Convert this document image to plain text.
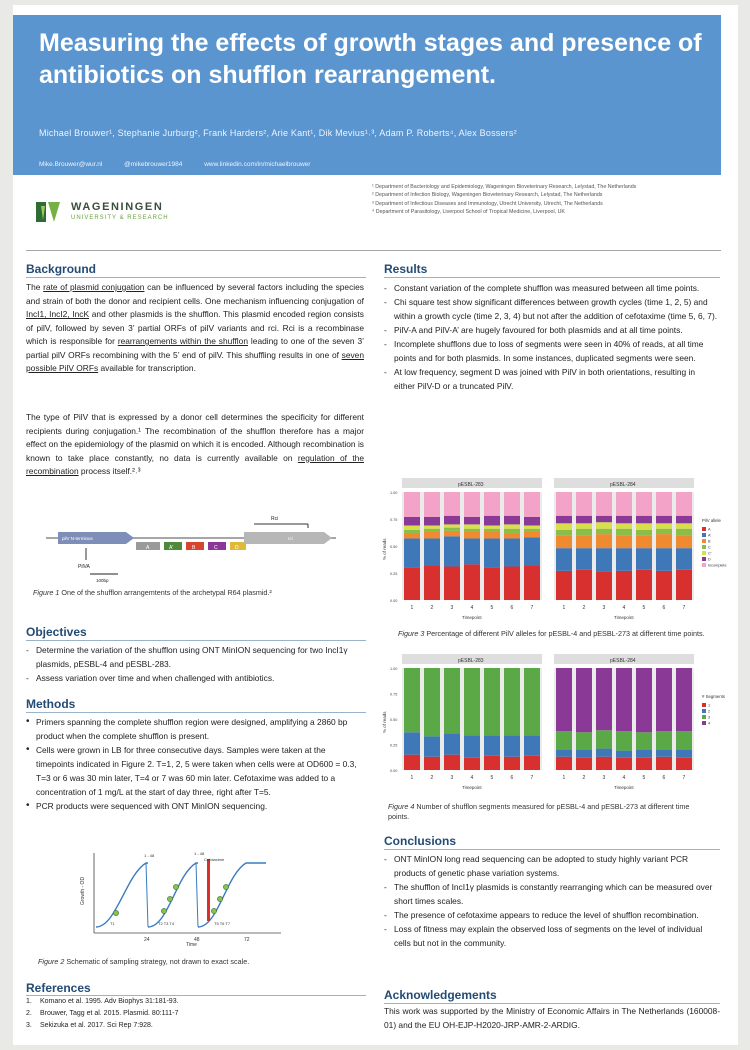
Measuring the effects of growth stages and presence of antibiotics on shufflon rearrangement.
Michael Brouwer¹, Stephanie Jurburg², Frank Harders², Arie Kant¹, Dik Mevius¹˒³, Adam P. Roberts⁴, Alex Bossers²
Mike.Brouwer@wur.nl	@mikebrouwer1984	www.linkedin.com/in/michaelbrouwer
WAGENINGEN
UNIVERSITY & RESEARCH
¹ Department of Bacteriology and Epidemiology, Wageningen Bioveterinary Research, Lelystad, The Netherlands
² Department of Infection Biology, Wageningen Bioveterinary Research, Lelystad, The Netherlands
³ Department of Infectious Diseases and Immunology, Utrecht University, Utrecht, The Netherlands
⁴ Department of Parasitology, Liverpool School of Tropical Medicine, Liverpool, UK
Background
The rate of plasmid conjugation can be influenced by several factors including the species and strain of both the donor and recipient cells. One mechanism influencing conjugation of IncI1, IncI2, IncK and other plasmids is the shufflon. This plasmid encoded region consists of pilV, followed by seven 3’ partial ORFs of pilV variants and rci. Rci is a recombinase which is responsible for rearrangements within the shufflon leading to one of the seven 3’ partial pilV ORFs recombining with the 5’ end of pilV. This shuffling results in one of seven possible PilV ORFs available for transcription.
The type of PilV that is expressed by a donor cell determines the specificity for different recipients during conjugation.¹ The recombination of the shufflon therefore has a major effect on the epidemiology of the plasmid on which it is encoded. Although recombination is known to take place constantly, no data is currently available on regulation of the recombination process itself.²˒³
pilV N-terminus
A	A'	B	C	D
rci
Rci
PilVA
100bp
Figure 1 One of the shufflon arrangemtents of the archetypal R64 plasmid.²
Objectives
- Determine the variation of the shufflon using ONT MinION sequencing for two IncI1γ plasmids, pESBL-4 and pESBL-283.
- Assess variation over time and when challenged with antibiotics.
Methods
• Primers spanning the complete shufflon region were designed, amplifying a 2860 bp product when the complete shufflon is present.
• Cells were grown in LB for three consecutive days. Samples were taken at the timepoints indicated in Figure 2. T=1, 2, 5 were taken when cells were at OD600 = 0.3, T=3 or 6 was 30 min later, T=4 or 7 was 60 min later. Cefotaxime was added to a concentration of 1 mg/L at the start of day three, right after T=5.
• PCR products were sequenced with ONT MinION sequencing.
Growth - OD
Time
24	48	72
T1	T2 T3 T4	T5 T6 T7
1 - 48	1 - 48
Cefotaxime
Figure 2 Schematic of sampling strategy, not drawn to exact scale.
References
1. Komano et al. 1995. Adv Biophys 31:181-93.
2. Brouwer, Tagg et al. 2015. Plasmid. 80:111-7
3. Sekizuka et al. 2017. Sci Rep 7:928.
Results
- Constant variation of the complete shufflon was measured between all time points.
- Chi square test show significant differences between growth cycles (time 1, 2, 5) and within a growth cycle (time 2, 3, 4) but not after the addition of cefotaxime (time 5, 6, 7).
- PilV-A and PilV-A’ are hugely favoured for both plasmids and at all time points.
- Incomplete shufflons due to loss of segments were seen in 40% of reads, at all time points and for both plasmids. In some instances, duplicated segments were seen.
- At low frequency, segment D was joined with PilV in both orientations, resulting in either PilV-D or a truncated PilV.
% of reads
pESBL-283
0.00
0.25
0.50
0.75
1.00
1	2	3	4	5	6	7
Timepoint
pESBL-284
1	2	3	4	5	6	7
Timepoint
PilV allele
A
A'
B
C
C'
D
Incomplete
Figure 3 Percentage of different PilV alleles for pESBL-4 and pESBL-273 at different time points.
% of reads
pESBL-283
0.00
0.25
0.50
0.75
1.00
1	2	3	4	5	6	7
Timepoint
pESBL-284
1	2	3	4	5	6	7
Timepoint
# Segments
1
2
3
4
Figure 4 Number of shufflon segments measured for pESBL-4 and pESBL-273 at different time points.
Conclusions
- ONT MinION long read sequencing can be adopted to study highly variant PCR products of genetic phase variation systems.
- The shufflon of IncI1γ plasmids is constantly rearranging which can be measured over short times scales.
- The presence of cefotaxime appears to reduce the level of shufflon recombination.
- Loss of fitness may explain the observed loss of segments on the level of individual cells but not in the community.
Acknowledgements
This work was supported by the Ministry of Economic Affairs in The Netherlands (160008-01) and the EU OH-EJP-H2020-JRP-AMR-2-ARDIG.
